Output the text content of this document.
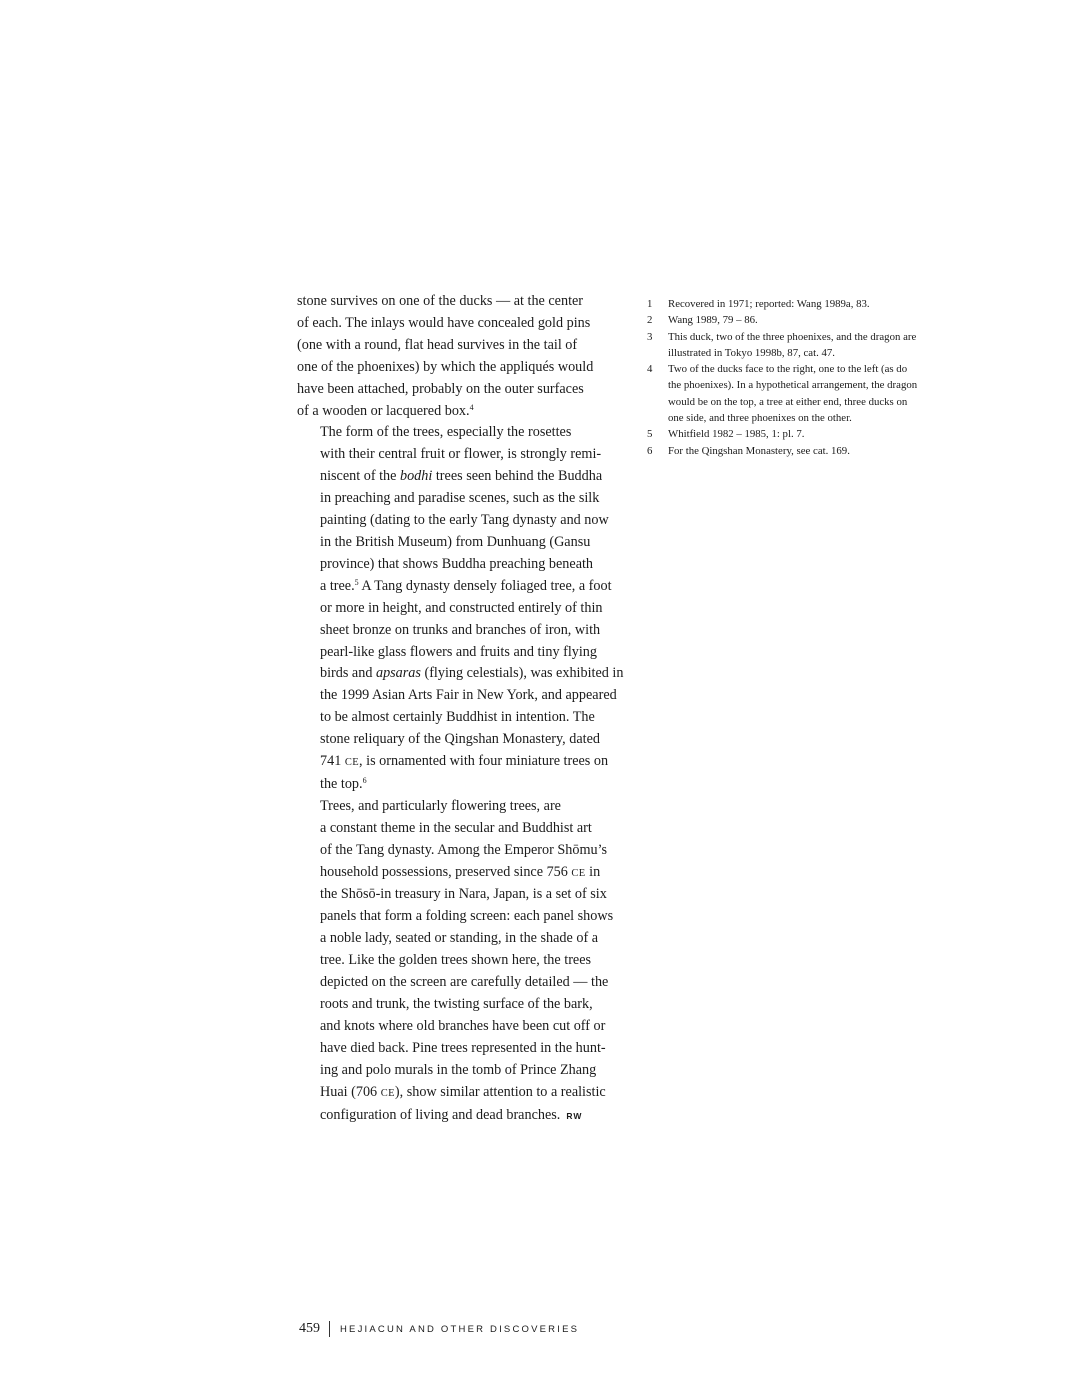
stone survives on one of the ducks — at the center
of each. The inlays would have concealed gold pins
(one with a round, flat head survives in the tail of
one of the phoenixes) by which the appliqués would
have been attached, probably on the outer surfaces
of a wooden or lacquered box.$^4$

The form of the trees, especially the rosettes
with their central fruit or flower, is strongly remi-
niscent of the bodhi trees seen behind the Buddha
in preaching and paradise scenes, such as the silk
painting (dating to the early Tang dynasty and now
in the British Museum) from Dunhuang (Gansu
province) that shows Buddha preaching beneath
a tree.$^5$ A Tang dynasty densely foliaged tree, a foot
or more in height, and constructed entirely of thin
sheet bronze on trunks and branches of iron, with
pearl-like glass flowers and fruits and tiny flying
birds and apsaras (flying celestials), was exhibited in
the 1999 Asian Arts Fair in New York, and appeared
to be almost certainly Buddhist in intention. The
stone reliquary of the Qingshan Monastery, dated
741 CE, is ornamented with four miniature trees on
the top.$^6$

Trees, and particularly flowering trees, are
a constant theme in the secular and Buddhist art
of the Tang dynasty. Among the Emperor Shōmu’s
household possessions, preserved since 756 CE in
the Shōsō-in treasury in Nara, Japan, is a set of six
panels that form a folding screen: each panel shows
a noble lady, seated or standing, in the shade of a
tree. Like the golden trees shown here, the trees
depicted on the screen are carefully detailed — the
roots and trunk, the twisting surface of the bark,
and knots where old branches have been cut off or
have died back. Pine trees represented in the hunt-
ing and polo murals in the tomb of Prince Zhang
Huai (706 CE), show similar attention to a realistic
configuration of living and dead branches. RW

1	Recovered in 1971; reported: Wang 1989a, 83.
2	Wang 1989, 79 – 86.
3	This duck, two of the three phoenixes, and the dragon are
illustrated in Tokyo 1998b, 87, cat. 47.
4	Two of the ducks face to the right, one to the left (as do
the phoenixes). In a hypothetical arrangement, the dragon
would be on the top, a tree at either end, three ducks on
one side, and three phoenixes on the other.
5	Whitfield 1982 – 1985, 1: pl. 7.
6	For the Qingshan Monastery, see cat. 169.
459 HEJIACUN AND OTHER DISCOVERIES
